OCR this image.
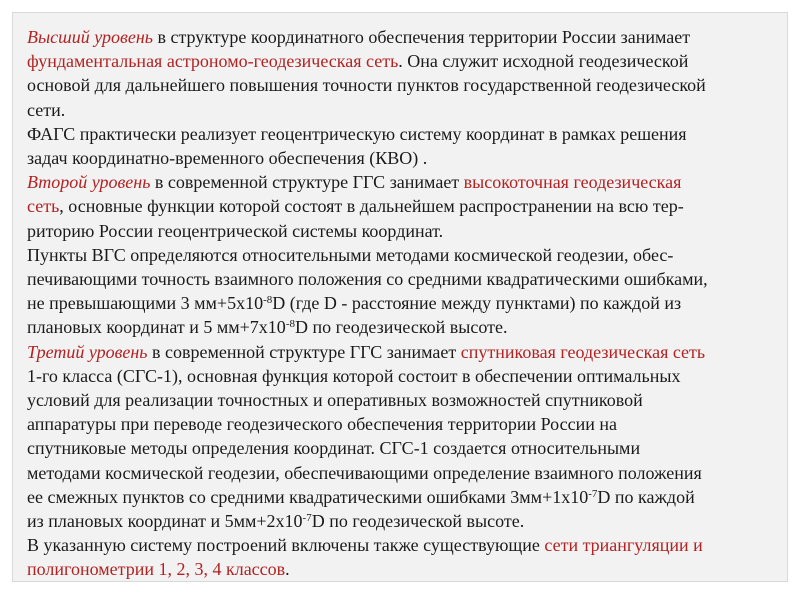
Высший уровень в структуре координатного обеспечения территории России занимает
фундаментальная астрономо-геодезическая сеть. Она служит исходной геодезической
основой для дальнейшего повышения точности пунктов государственной геодезической
сети.
ФАГС практически реализует геоцентрическую систему координат в рамках решения
задач координатно-временного обеспечения (КВО) .
Второй уровень в современной структуре ГГС занимает высокоточная геодезическая
сеть, основные функции которой состоят в дальнейшем распространении на всю тер-
риторию России геоцентрической системы координат.
Пункты ВГС определяются относительными методами космической геодезии, обес-
печивающими точность взаимного положения со средними квадратическими ошибками,
не превышающими 3 $мм+5х10^{-8}D$ (где D - расстояние между пунктами) по каждой из
плановых координат и 5 $мм+7х10^{-8}D$ по геодезической высоте.
Третий уровень в современной структуре ГГС занимает спутниковая геодезическая сеть
1-го класса (СГС-1), основная функция которой состоит в обеспечении оптимальных
условий для реализации точностных и оперативных возможностей спутниковой
аппаратуры при переводе геодезического обеспечения территории России на
спутниковые методы определения координат. СГС-1 создается относительными
методами космической геодезии, обеспечивающими определение взаимного положения
ее смежных пунктов со средними квадратическими ошибками $3мм+1х10^{-7}D$ по каждой
из плановых координат и $5мм+2х10^{-7}D$ по геодезической высоте.
В указанную систему построений включены также существующие сети триангуляции и
полигонометрии 1, 2, 3, 4 классов.
